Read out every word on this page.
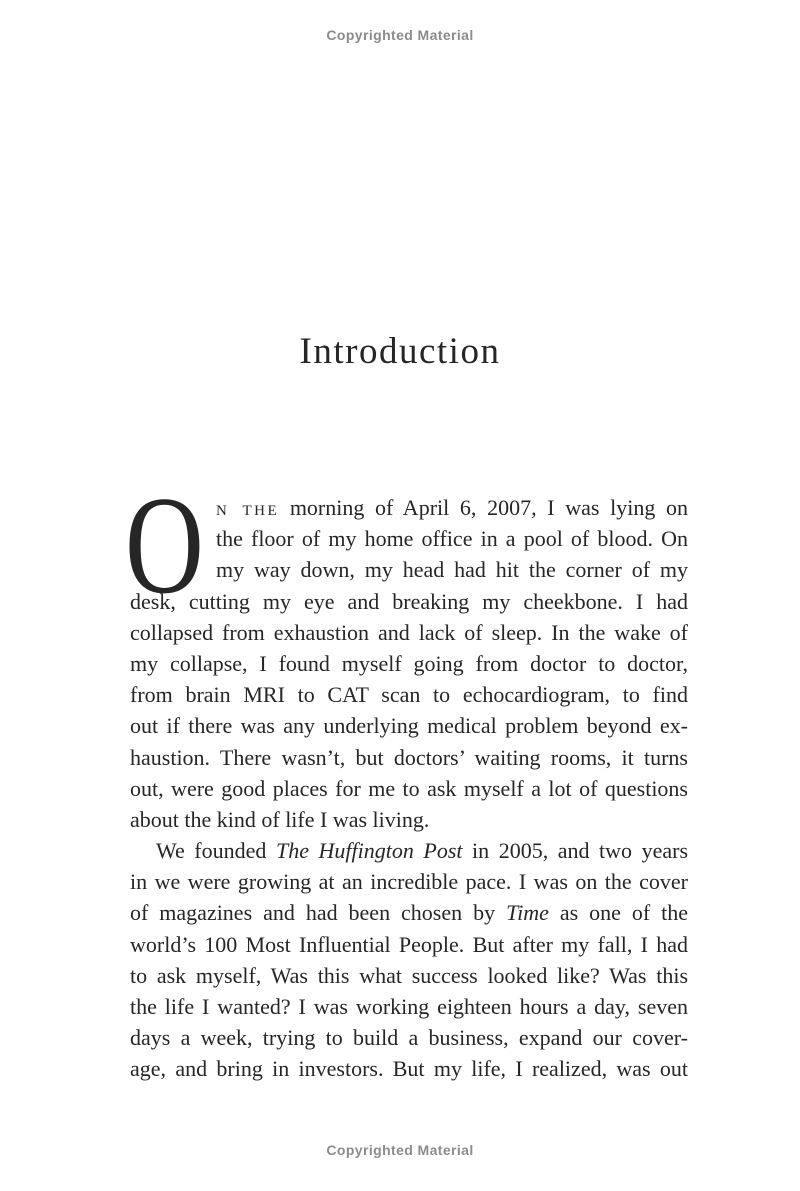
Copyrighted Material
Introduction
O n the morning of April 6, 2007, I was lying on
the floor of my home office in a pool of blood. On
my way down, my head had hit the corner of my
desk, cutting my eye and breaking my cheekbone. I had
collapsed from exhaustion and lack of sleep. In the wake of
my collapse, I found myself going from doctor to doctor,
from brain MRI to CAT scan to echocardiogram, to find
out if there was any underlying medical problem beyond ex-
haustion. There wasn’t, but doctors’ waiting rooms, it turns
out, were good places for me to ask myself a lot of questions
about the kind of life I was living.
We founded The Huffington Post in 2005, and two years
in we were growing at an incredible pace. I was on the cover
of magazines and had been chosen by Time as one of the
world’s 100 Most Influential People. But after my fall, I had
to ask myself, Was this what success looked like? Was this
the life I wanted? I was working eighteen hours a day, seven
days a week, trying to build a business, expand our cover-
age, and bring in investors. But my life, I realized, was out
Copyrighted Material
